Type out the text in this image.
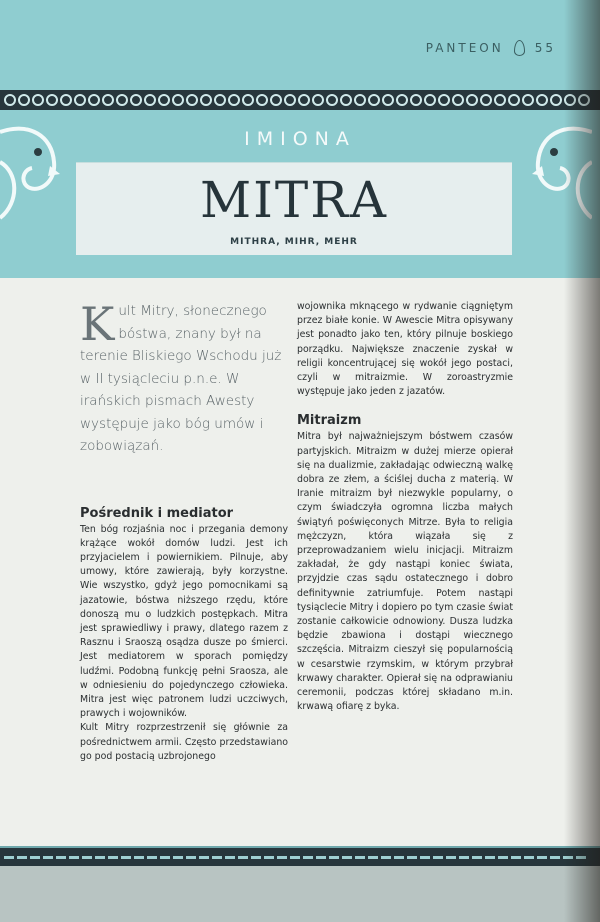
PANTEON	55
IMIONA
MITRA
MITHRA, MIHR, MEHR

Kult Mitry, słonecznego bóstwa, znany był na terenie Bliskiego Wschodu już w II tysiącleciu p.n.e. W irańskich pismach Awesty występuje jako bóg umów i zobowiązań.

Pośrednik i mediator

Ten bóg rozjaśnia noc i przegania demony krążące wokół domów ludzi. Jest ich przyjacielem i powiernikiem. Pilnuje, aby umowy, które zawierają, były korzystne. Wie wszystko, gdyż jego pomocnikami są jazatowie, bóstwa niższego rzędu, które donoszą mu o ludzkich postępkach. Mitra jest sprawiedliwy i prawy, dlatego razem z Rasznu i Sraoszą osądza dusze po śmierci. Jest mediatorem w sporach pomiędzy ludźmi. Podobną funkcję pełni Sraosza, ale w odniesieniu do pojedynczego człowieka. Mitra jest więc patronem ludzi uczciwych, prawych i wojowników.

Kult Mitry rozprzestrzenił się głównie za pośrednictwem armii. Często przedstawiano go pod postacią uzbrojonego

wojownika mknącego w rydwanie ciągniętym przez białe konie. W Awescie Mitra opisywany jest ponadto jako ten, który pilnuje boskiego porządku. Największe znaczenie zyskał w religii koncentrującej się wokół jego postaci, czyli w mitraizmie. W zoroastryzmie występuje jako jeden z jazatów.

Mitraizm

Mitra był najważniejszym bóstwem czasów partyjskich. Mitraizm w dużej mierze opierał się na dualizmie, zakładając odwieczną walkę dobra ze złem, a ściślej ducha z materią. W Iranie mitraizm był niezwykle popularny, o czym świadczyła ogromna liczba małych świątyń poświęconych Mitrze. Była to religia mężczyzn, która wiązała się z przeprowadzaniem wielu inicjacji. Mitraizm zakładał, że gdy nastąpi koniec świata, przyjdzie czas sądu ostatecznego i dobro definitywnie zatriumfuje. Potem nastąpi tysiąclecie Mitry i dopiero po tym czasie świat zostanie całkowicie odnowiony. Dusza ludzka będzie zbawiona i dostąpi wiecznego szczęścia. Mitraizm cieszył się popularnością w cesarstwie rzymskim, w którym przybrał krwawy charakter. Opierał się na odprawianiu ceremonii, podczas której składano m.in. krwawą ofiarę z byka.
